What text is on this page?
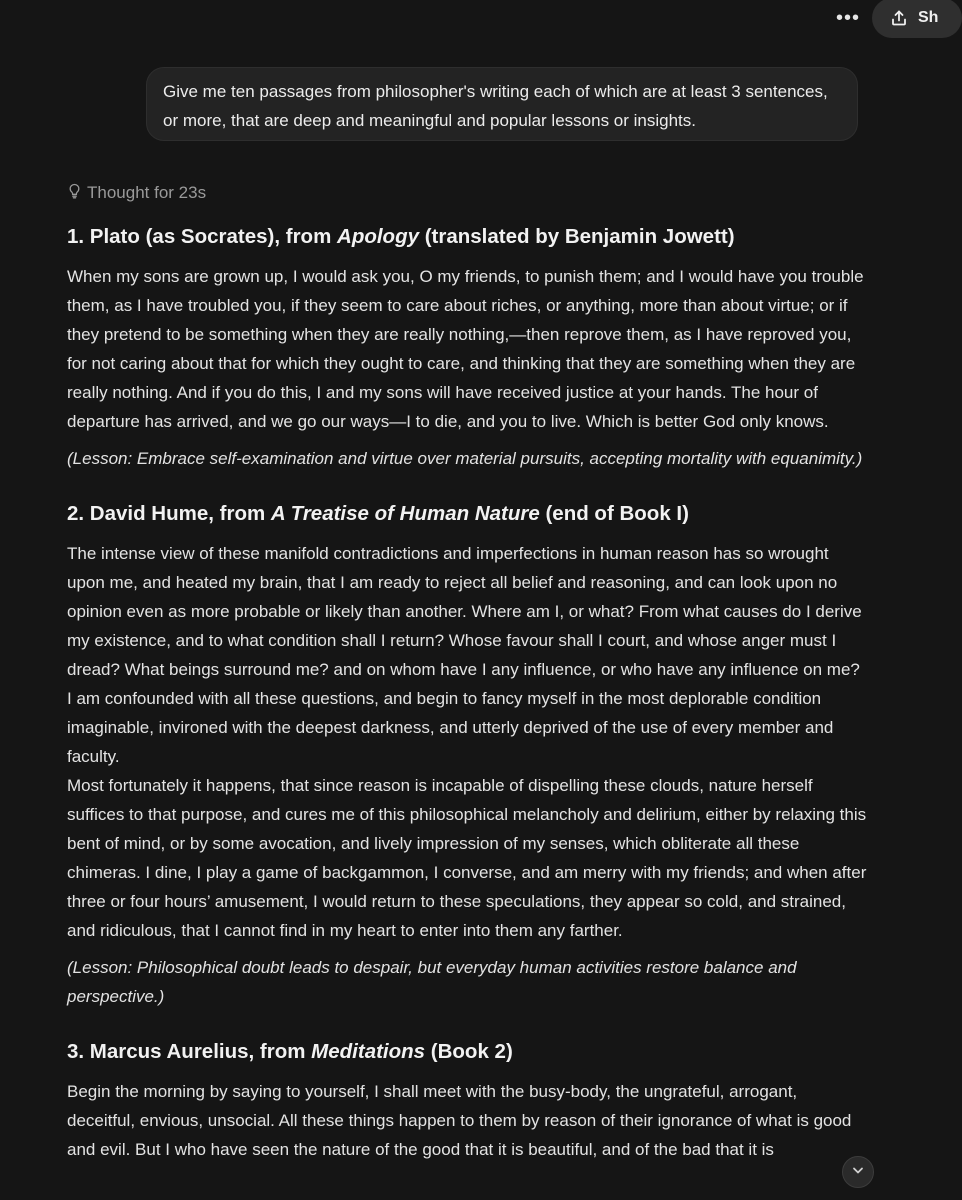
•••	Sh
Give me ten passages from philosopher's writing each of which are at least 3 sentences, or more, that are deep and meaningful and popular lessons or insights.
Thought for 23s
1. Plato (as Socrates), from Apology (translated by Benjamin Jowett)

When my sons are grown up, I would ask you, O my friends, to punish them; and I would have you trouble them, as I have troubled you, if they seem to care about riches, or anything, more than about virtue; or if they pretend to be something when they are really nothing,—then reprove them, as I have reproved you, for not caring about that for which they ought to care, and thinking that they are something when they are really nothing. And if you do this, I and my sons will have received justice at your hands. The hour of departure has arrived, and we go our ways—I to die, and you to live. Which is better God only knows.

(Lesson: Embrace self-examination and virtue over material pursuits, accepting mortality with equanimity.)

2. David Hume, from A Treatise of Human Nature (end of Book I)

The intense view of these manifold contradictions and imperfections in human reason has so wrought upon me, and heated my brain, that I am ready to reject all belief and reasoning, and can look upon no opinion even as more probable or likely than another. Where am I, or what? From what causes do I derive my existence, and to what condition shall I return? Whose favour shall I court, and whose anger must I dread? What beings surround me? and on whom have I any influence, or who have any influence on me? I am confounded with all these questions, and begin to fancy myself in the most deplorable condition imaginable, invironed with the deepest darkness, and utterly deprived of the use of every member and faculty.

Most fortunately it happens, that since reason is incapable of dispelling these clouds, nature herself suffices to that purpose, and cures me of this philosophical melancholy and delirium, either by relaxing this bent of mind, or by some avocation, and lively impression of my senses, which obliterate all these chimeras. I dine, I play a game of backgammon, I converse, and am merry with my friends; and when after three or four hours’ amusement, I would return to these speculations, they appear so cold, and strained, and ridiculous, that I cannot find in my heart to enter into them any farther.

(Lesson: Philosophical doubt leads to despair, but everyday human activities restore balance and perspective.)

3. Marcus Aurelius, from Meditations (Book 2)

Begin the morning by saying to yourself, I shall meet with the busy-body, the ungrateful, arrogant, deceitful, envious, unsocial. All these things happen to them by reason of their ignorance of what is good and evil. But I who have seen the nature of the good that it is beautiful, and of the bad that it is
